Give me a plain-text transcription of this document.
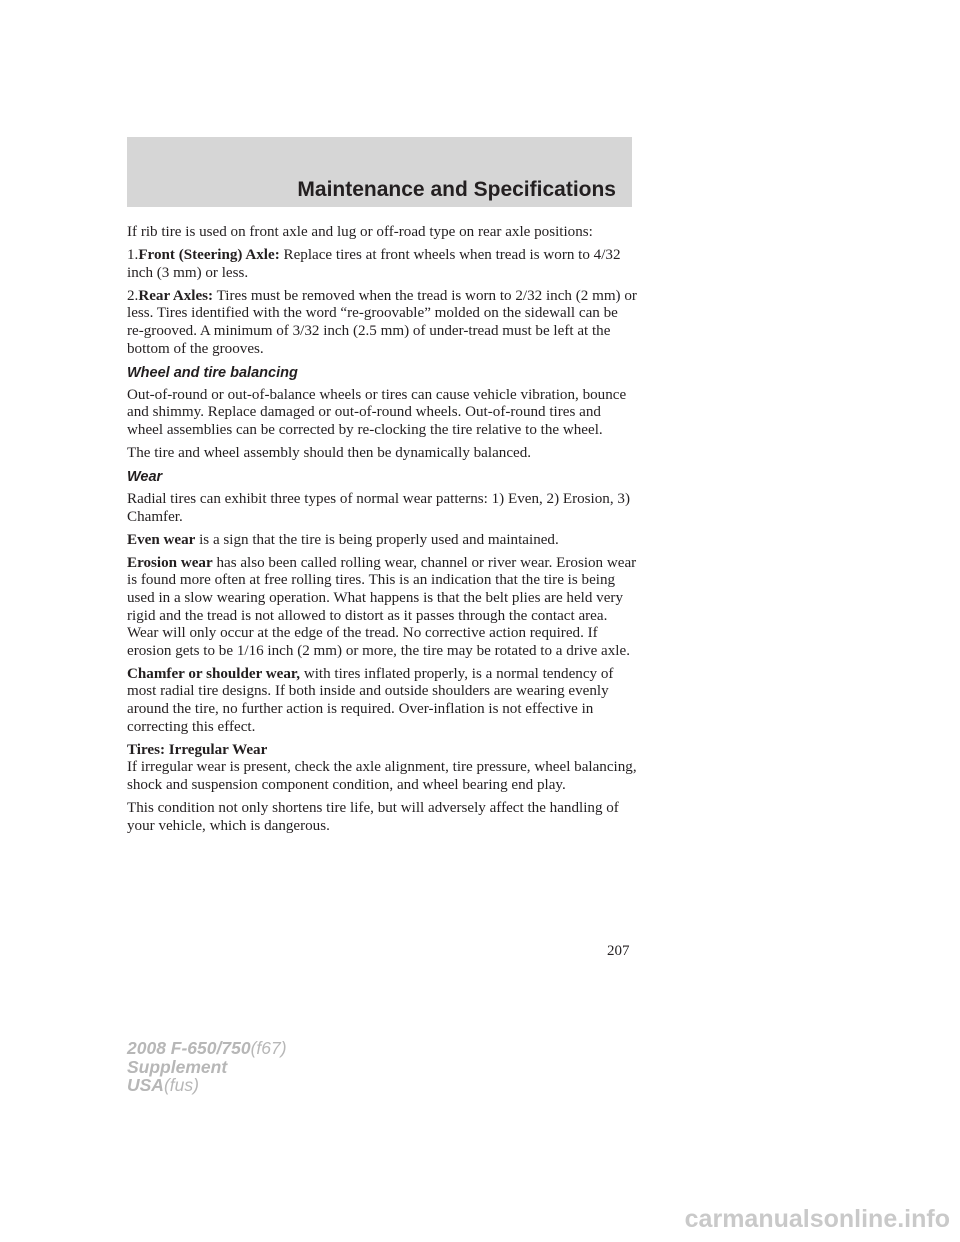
Maintenance and Specifications

If rib tire is used on front axle and lug or off-road type on rear axle positions:

1.Front (Steering) Axle: Replace tires at front wheels when tread is worn to 4/32 inch (3 mm) or less.

2.Rear Axles: Tires must be removed when the tread is worn to 2/32 inch (2 mm) or less. Tires identified with the word “re-groovable” molded on the sidewall can be re-grooved. A minimum of 3/32 inch (2.5 mm) of under-tread must be left at the bottom of the grooves.

Wheel and tire balancing

Out-of-round or out-of-balance wheels or tires can cause vehicle vibration, bounce and shimmy. Replace damaged or out-of-round wheels. Out-of-round tires and wheel assemblies can be corrected by re-clocking the tire relative to the wheel.

The tire and wheel assembly should then be dynamically balanced.

Wear

Radial tires can exhibit three types of normal wear patterns: 1) Even, 2) Erosion, 3) Chamfer.

Even wear is a sign that the tire is being properly used and maintained.

Erosion wear has also been called rolling wear, channel or river wear. Erosion wear is found more often at free rolling tires. This is an indication that the tire is being used in a slow wearing operation. What happens is that the belt plies are held very rigid and the tread is not allowed to distort as it passes through the contact area. Wear will only occur at the edge of the tread. No corrective action required. If erosion gets to be 1/16 inch (2 mm) or more, the tire may be rotated to a drive axle.

Chamfer or shoulder wear, with tires inflated properly, is a normal tendency of most radial tire designs. If both inside and outside shoulders are wearing evenly around the tire, no further action is required. Over-inflation is not effective in correcting this effect.

Tires: Irregular Wear

If irregular wear is present, check the axle alignment, tire pressure, wheel balancing, shock and suspension component condition, and wheel bearing end play.

This condition not only shortens tire life, but will adversely affect the handling of your vehicle, which is dangerous.

207
2008 F-650/750(f67)
Supplement
USA(fus)
carmanualsonline.info
